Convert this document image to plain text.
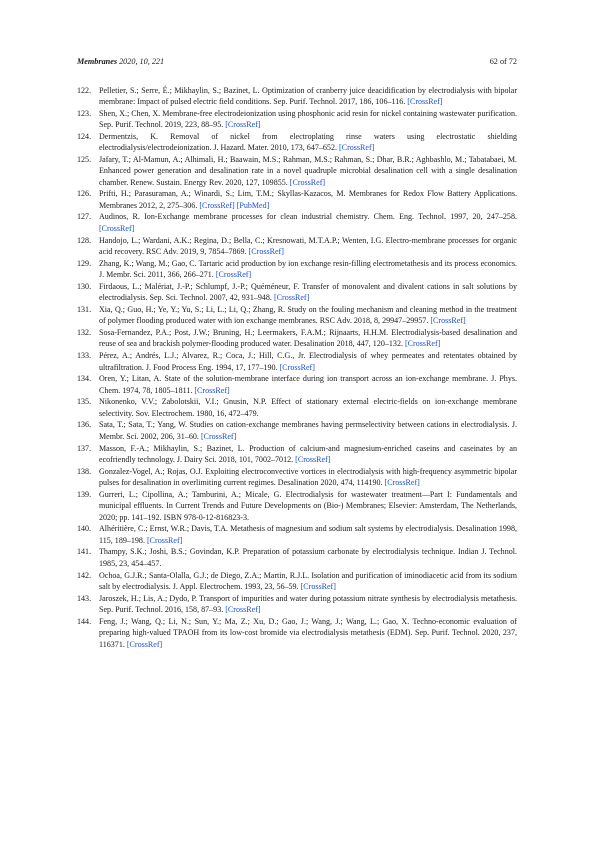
Membranes 2020, 10, 221	62 of 72
122. Pelletier, S.; Serre, É.; Mikhaylin, S.; Bazinet, L. Optimization of cranberry juice deacidification by electrodialysis with bipolar membrane: Impact of pulsed electric field conditions. Sep. Purif. Technol. 2017, 186, 106–116. [CrossRef]
123. Shen, X.; Chen, X. Membrane-free electrodeionization using phosphonic acid resin for nickel containing wastewater purification. Sep. Purif. Technol. 2019, 223, 88–95. [CrossRef]
124. Dermentzis, K. Removal of nickel from electroplating rinse waters using electrostatic shielding electrodialysis/electrodeionization. J. Hazard. Mater. 2010, 173, 647–652. [CrossRef]
125. Jafary, T.; Al-Mamun, A.; Alhimali, H.; Baawain, M.S.; Rahman, M.S.; Rahman, S.; Dhar, B.R.; Aghbashlo, M.; Tabatabaei, M. Enhanced power generation and desalination rate in a novel quadruple microbial desalination cell with a single desalination chamber. Renew. Sustain. Energy Rev. 2020, 127, 109855. [CrossRef]
126. Prifti, H.; Parasuraman, A.; Winardi, S.; Lim, T.M.; Skyllas-Kazacos, M. Membranes for Redox Flow Battery Applications. Membranes 2012, 2, 275–306. [CrossRef] [PubMed]
127. Audinos, R. Ion-Exchange membrane processes for clean industrial chemistry. Chem. Eng. Technol. 1997, 20, 247–258. [CrossRef]
128. Handojo, L.; Wardani, A.K.; Regina, D.; Bella, C.; Kresnowati, M.T.A.P.; Wenten, I.G. Electro-membrane processes for organic acid recovery. RSC Adv. 2019, 9, 7854–7869. [CrossRef]
129. Zhang, K.; Wang, M.; Gao, C. Tartaric acid production by ion exchange resin-filling electrometathesis and its process economics. J. Membr. Sci. 2011, 366, 266–271. [CrossRef]
130. Firdaous, L.; Malériat, J.-P.; Schlumpf, J.-P.; Quéméneur, F. Transfer of monovalent and divalent cations in salt solutions by electrodialysis. Sep. Sci. Technol. 2007, 42, 931–948. [CrossRef]
131. Xia, Q.; Guo, H.; Ye, Y.; Yu, S.; Li, L.; Li, Q.; Zhang, R. Study on the fouling mechanism and cleaning method in the treatment of polymer flooding produced water with ion exchange membranes. RSC Adv. 2018, 8, 29947–29957. [CrossRef]
132. Sosa-Fernandez, P.A.; Post, J.W.; Bruning, H.; Leermakers, F.A.M.; Rijnaarts, H.H.M. Electrodialysis-based desalination and reuse of sea and brackish polymer-flooding produced water. Desalination 2018, 447, 120–132. [CrossRef]
133. Pérez, A.; Andrés, L.J.; Alvarez, R.; Coca, J.; Hill, C.G., Jr. Electrodialysis of whey permeates and retentates obtained by ultrafiltration. J. Food Process Eng. 1994, 17, 177–190. [CrossRef]
134. Oren, Y.; Litan, A. State of the solution-membrane interface during ion transport across an ion-exchange membrane. J. Phys. Chem. 1974, 78, 1805–1811. [CrossRef]
135. Nikonenko, V.V.; Zabolotskii, V.I.; Gnusin, N.P. Effect of stationary external electric-fields on ion-exchange membrane selectivity. Sov. Electrochem. 1980, 16, 472–479.
136. Sata, T.; Sata, T.; Yang, W. Studies on cation-exchange membranes having permselectivity between cations in electrodialysis. J. Membr. Sci. 2002, 206, 31–60. [CrossRef]
137. Masson, F.-A.; Mikhaylin, S.; Bazinet, L. Production of calcium-and magnesium-enriched caseins and caseinates by an ecofriendly technology. J. Dairy Sci. 2018, 101, 7002–7012. [CrossRef]
138. Gonzalez-Vogel, A.; Rojas, O.J. Exploiting electroconvective vortices in electrodialysis with high-frequency asymmetric bipolar pulses for desalination in overlimiting current regimes. Desalination 2020, 474, 114190. [CrossRef]
139. Gurreri, L.; Cipollina, A.; Tamburini, A.; Micale, G. Electrodialysis for wastewater treatment—Part I: Fundamentals and municipal effluents. In Current Trends and Future Developments on (Bio-) Membranes; Elsevier: Amsterdam, The Netherlands, 2020; pp. 141–192. ISBN 978-0-12-816823-3.
140. Alhéritière, C.; Ernst, W.R.; Davis, T.A. Metathesis of magnesium and sodium salt systems by electrodialysis. Desalination 1998, 115, 189–198. [CrossRef]
141. Thampy, S.K.; Joshi, B.S.; Govindan, K.P. Preparation of potassium carbonate by electrodialysis technique. Indian J. Technol. 1985, 23, 454–457.
142. Ochoa, G.J.R.; Santa-Olalla, G.J.; de Diego, Z.A.; Martin, R.J.L. Isolation and purification of iminodiacetic acid from its sodium salt by electrodialysis. J. Appl. Electrochem. 1993, 23, 56–59. [CrossRef]
143. Jaroszek, H.; Lis, A.; Dydo, P. Transport of impurities and water during potassium nitrate synthesis by electrodialysis metathesis. Sep. Purif. Technol. 2016, 158, 87–93. [CrossRef]
144. Feng, J.; Wang, Q.; Li, N.; Sun, Y.; Ma, Z.; Xu, D.; Gao, J.; Wang, J.; Wang, L.; Gao, X. Techno-economic evaluation of preparing high-valued TPAOH from its low-cost bromide via electrodialysis metathesis (EDM). Sep. Purif. Technol. 2020, 237, 116371. [CrossRef]
